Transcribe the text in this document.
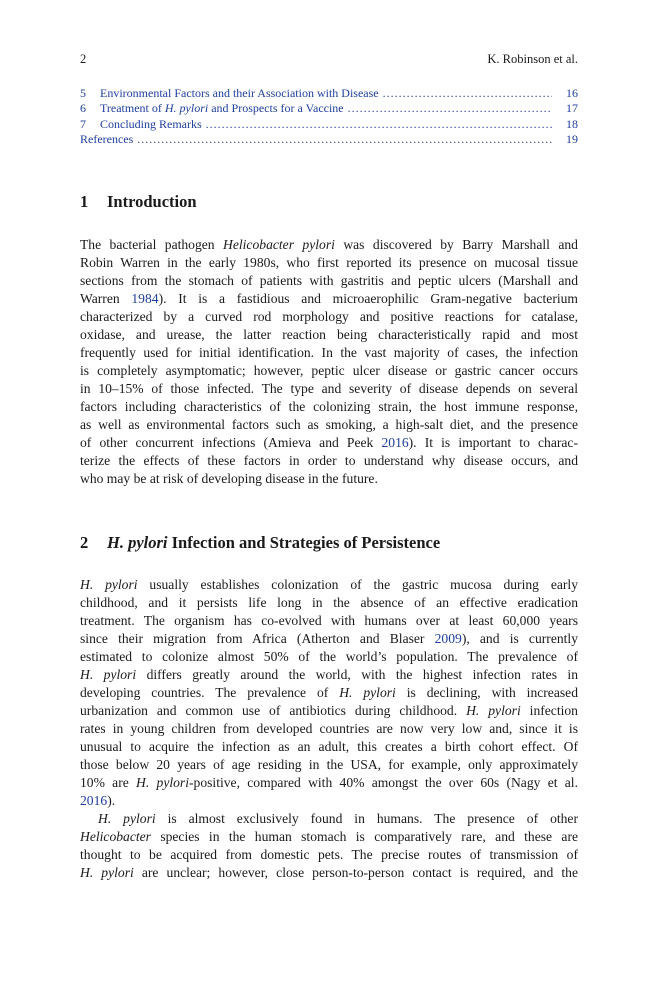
2	K. Robinson et al.
5	Environmental Factors and their Association with Disease .....	16
6	Treatment of H. pylori and Prospects for a Vaccine .....	17
7	Concluding Remarks .....	18
References .....	19
1 Introduction
The bacterial pathogen Helicobacter pylori was discovered by Barry Marshall and
Robin Warren in the early 1980s, who first reported its presence on mucosal tissue
sections from the stomach of patients with gastritis and peptic ulcers (Marshall and
Warren 1984). It is a fastidious and microaerophilic Gram-negative bacterium
characterized by a curved rod morphology and positive reactions for catalase,
oxidase, and urease, the latter reaction being characteristically rapid and most
frequently used for initial identification. In the vast majority of cases, the infection
is completely asymptomatic; however, peptic ulcer disease or gastric cancer occurs
in 10–15% of those infected. The type and severity of disease depends on several
factors including characteristics of the colonizing strain, the host immune response,
as well as environmental factors such as smoking, a high-salt diet, and the presence
of other concurrent infections (Amieva and Peek 2016). It is important to charac-
terize the effects of these factors in order to understand why disease occurs, and
who may be at risk of developing disease in the future.
2 H. pylori Infection and Strategies of Persistence
H. pylori usually establishes colonization of the gastric mucosa during early
childhood, and it persists life long in the absence of an effective eradication
treatment. The organism has co-evolved with humans over at least 60,000 years
since their migration from Africa (Atherton and Blaser 2009), and is currently
estimated to colonize almost 50% of the world’s population. The prevalence of
H. pylori differs greatly around the world, with the highest infection rates in
developing countries. The prevalence of H. pylori is declining, with increased
urbanization and common use of antibiotics during childhood. H. pylori infection
rates in young children from developed countries are now very low and, since it is
unusual to acquire the infection as an adult, this creates a birth cohort effect. Of
those below 20 years of age residing in the USA, for example, only approximately
10% are H. pylori-positive, compared with 40% amongst the over 60s (Nagy et al.
2016).
H. pylori is almost exclusively found in humans. The presence of other
Helicobacter species in the human stomach is comparatively rare, and these are
thought to be acquired from domestic pets. The precise routes of transmission of
H. pylori are unclear; however, close person-to-person contact is required, and the
